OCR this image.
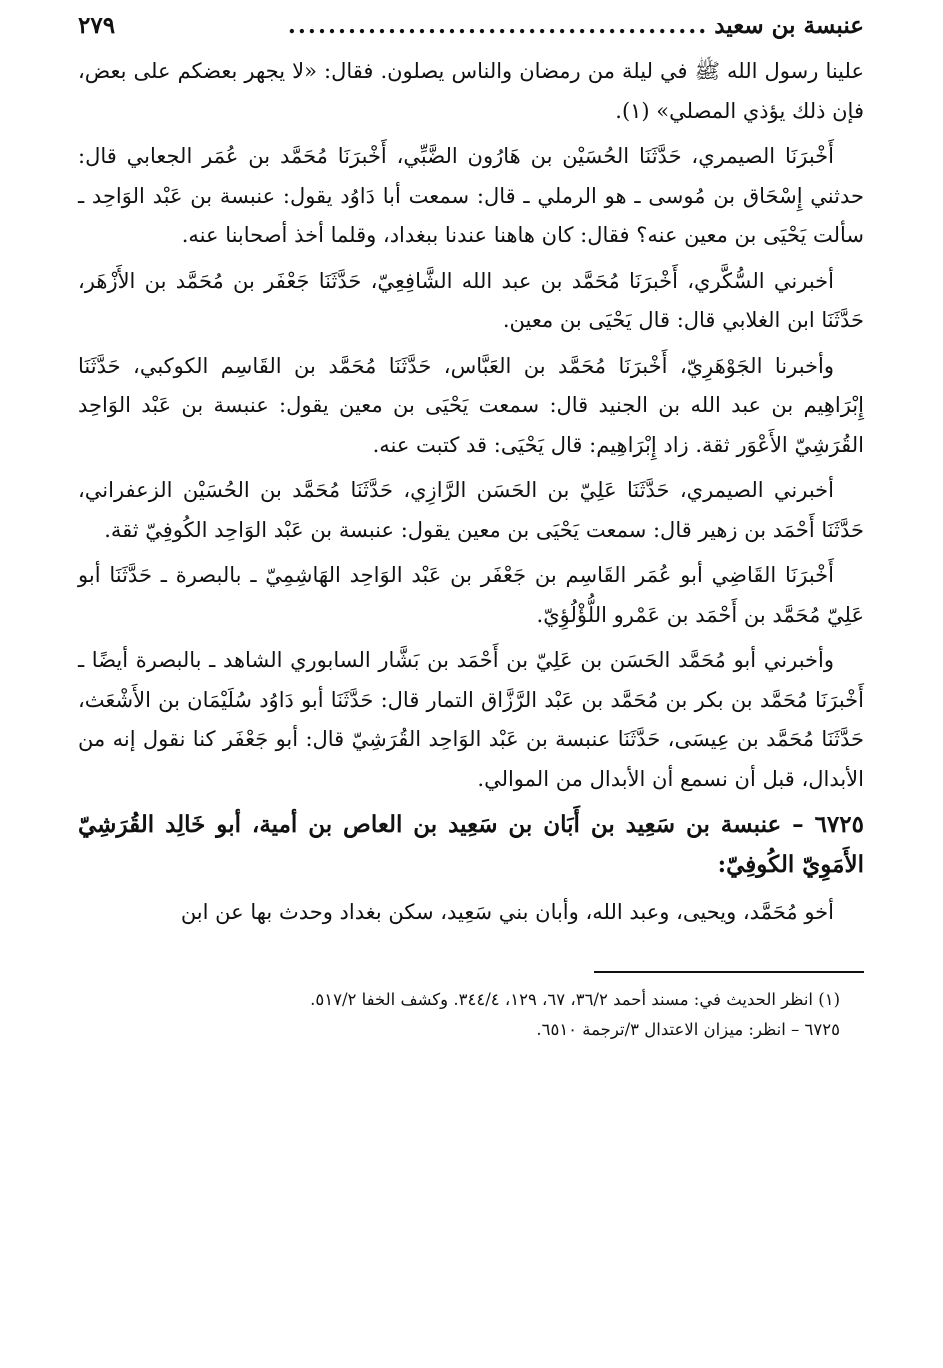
عنبسة بن سعيد
..........................................
٢٧٩

علينا رسول الله ﷺ في ليلة من رمضان والناس يصلون. فقال: «لا يجهر بعضكم على بعض، فإن ذلك يؤذي المصلي» (١).

أَخْبرَنَا الصيمري، حَدَّثَنَا الحُسَيْن بن هَارُون الضَّبِّي، أَخْبرَنَا مُحَمَّد بن عُمَر الجعابي قال: حدثني إِسْحَاق بن مُوسى ـ هو الرملي ـ قال: سمعت أبا دَاوُد يقول: عنبسة بن عَبْد الوَاحِد ـ سألت يَحْيَى بن معين عنه؟ فقال: كان هاهنا عندنا ببغداد، وقلما أخذ أصحابنا عنه.

أخبرني السُّكَّري، أَخْبرَنَا مُحَمَّد بن عبد الله الشَّافِعِيّ، حَدَّثَنَا جَعْفَر بن مُحَمَّد بن الأَزْهَر، حَدَّثَنَا ابن الغلابي قال: قال يَحْيَى بن معين.

وأخبرنا الجَوْهَرِيّ، أَخْبرَنَا مُحَمَّد بن العَبَّاس، حَدَّثَنَا مُحَمَّد بن القَاسِم الكوكبي، حَدَّثَنَا إِبْرَاهِيم بن عبد الله بن الجنيد قال: سمعت يَحْيَى بن معين يقول: عنبسة بن عَبْد الوَاحِد القُرَشِيّ الأَعْوَر ثقة. زاد إِبْرَاهِيم: قال يَحْيَى: قد كتبت عنه.

أخبرني الصيمري، حَدَّثَنَا عَلِيّ بن الحَسَن الرَّازِي، حَدَّثَنَا مُحَمَّد بن الحُسَيْن الزعفراني، حَدَّثَنَا أَحْمَد بن زهير قال: سمعت يَحْيَى بن معين يقول: عنبسة بن عَبْد الوَاحِد الكُوفِيّ ثقة.

أَخْبرَنَا القَاضِي أبو عُمَر القَاسِم بن جَعْفَر بن عَبْد الوَاحِد الهَاشِمِيّ ـ بالبصرة ـ حَدَّثَنَا أبو عَلِيّ مُحَمَّد بن أَحْمَد بن عَمْرو اللُّؤْلُؤِيّ.

وأخبرني أبو مُحَمَّد الحَسَن بن عَلِيّ بن أَحْمَد بن بَشَّار السابوري الشاهد ـ بالبصرة أيضًا ـ أَخْبرَنَا مُحَمَّد بن بكر بن مُحَمَّد بن عَبْد الرَّزَّاق التمار قال: حَدَّثَنَا أبو دَاوُد سُلَيْمَان بن الأَشْعَث، حَدَّثَنَا مُحَمَّد بن عِيسَى، حَدَّثَنَا عنبسة بن عَبْد الوَاحِد القُرَشِيّ قال: أبو جَعْفَر كنا نقول إنه من الأبدال، قبل أن نسمع أن الأبدال من الموالي.

٦٧٢٥ – عنبسة بن سَعِيد بن أَبَان بن سَعِيد بن العاص بن أمية، أبو خَالِد القُرَشِيّ الأَمَوِيّ الكُوفِيّ:

أخو مُحَمَّد، ويحيى، وعبد الله، وأبان بني سَعِيد، سكن بغداد وحدث بها عن ابن

(١) انظر الحديث في: مسند أحمد ٣٦/٢، ٦٧، ١٢٩، ٣٤٤/٤. وكشف الخفا ٥١٧/٢.

٦٧٢٥ – انظر: ميزان الاعتدال ٣/ترجمة ٦٥١٠.
